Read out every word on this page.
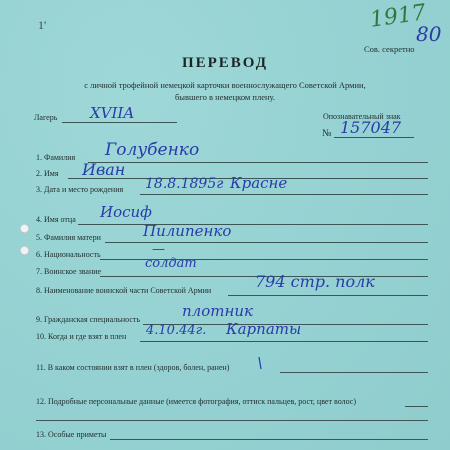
1'	1917
80
Сов. секретно
ПЕРЕВОД
с личной трофейной немецкой карточки военнослужащего Советской Армии,
бывшего в немецком плену.
Лагерь XVIIA	Опознавательный знак
№ 157047
1. Фамилия Голубенко
2. Имя Иван
3. Дата и место рождения 18.8.1895г Красне
4. Имя отца Иосиф
5. Фамилия матери	Пилипенко
6. Национальность	—
7. Воинское звание
солдат
8. Наименование воинской части Советской Армии	794 стр. полк
9. Гражданская специальность	плотник
10. Когда и где взят в плен 4.10.44г. Карпаты
11. В каком состоянии взят в плен (здоров, болен, ранен)
12. Подробные персональные данные (имеется фотография, оттиск пальцев, рост, цвет волос)
13. Особые приметы
